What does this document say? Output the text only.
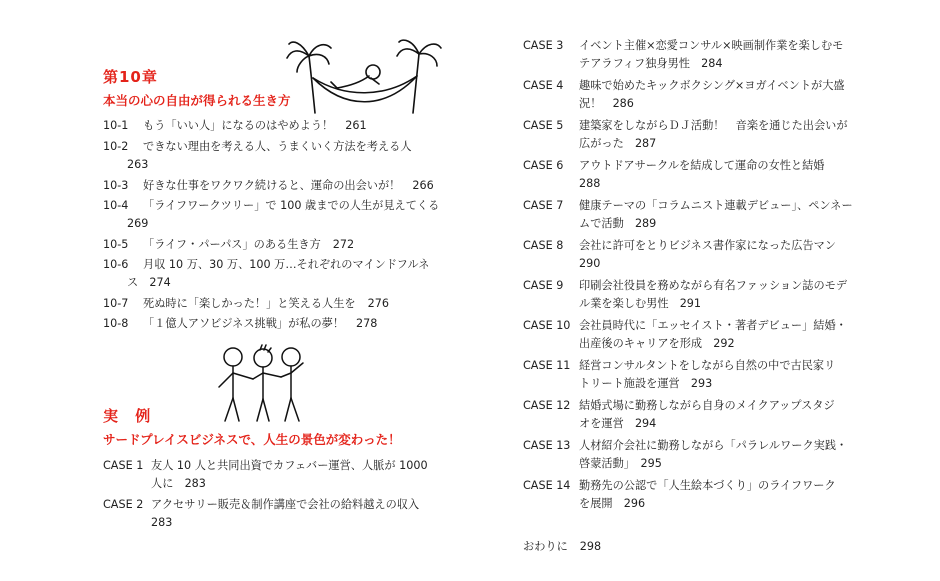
第10章
本当の心の自由が得られる生き方
10-1 もう「いい人」になるのはやめよう！ 261
10-2 できない理由を考える人、うまくいく方法を考える人
263
10-3 好きな仕事をワクワク続けると、運命の出会いが！ 266
10-4 「ライフワークツリー」で 100 歳までの人生が見えてくる
269
10-5 「ライフ・パーパス」のある生き方 272
10-6 月収 10 万、30 万、100 万…それぞれのマインドフルネ
ス　274
10-7 死ぬ時に「楽しかった！」と笑える人生を 276
10-8 「１億人アソビジネス挑戦」が私の夢！ 278
実 例
サードプレイスビジネスで、人生の景色が変わった！
CASE 1 友人 10 人と共同出資でカフェバー運営、人脈が 1000
人に　283
CASE 2 アクセサリー販売＆制作講座で会社の給料越えの収入
283
CASE 3 イベント主催×恋愛コンサル×映画制作業を楽しむモ
テアラフィフ独身男性　284
CASE 4 趣味で始めたキックボクシング×ヨガイベントが大盛
況！　286
CASE 5 建築家をしながらＤＪ活動！　音楽を通じた出会いが
広がった　287
CASE 6 アウトドアサークルを結成して運命の女性と結婚
288
CASE 7 健康テーマの「コラムニスト連載デビュー」、ペンネー
ムで活動　289
CASE 8 会社に許可をとりビジネス書作家になった広告マン
290
CASE 9 印刷会社役員を務めながら有名ファッション誌のモデ
ル業を楽しむ男性　291
CASE 10 会社員時代に「エッセイスト・著者デビュー」結婚・
出産後のキャリアを形成　292
CASE 11 経営コンサルタントをしながら自然の中で古民家リ
トリート施設を運営　293
CASE 12 結婚式場に勤務しながら自身のメイクアップスタジ
オを運営　294
CASE 13 人材紹介会社に勤務しながら「パラレルワーク実践・
啓蒙活動」　295
CASE 14 勤務先の公認で「人生絵本づくり」のライフワーク
を展開　296
おわりに 298
